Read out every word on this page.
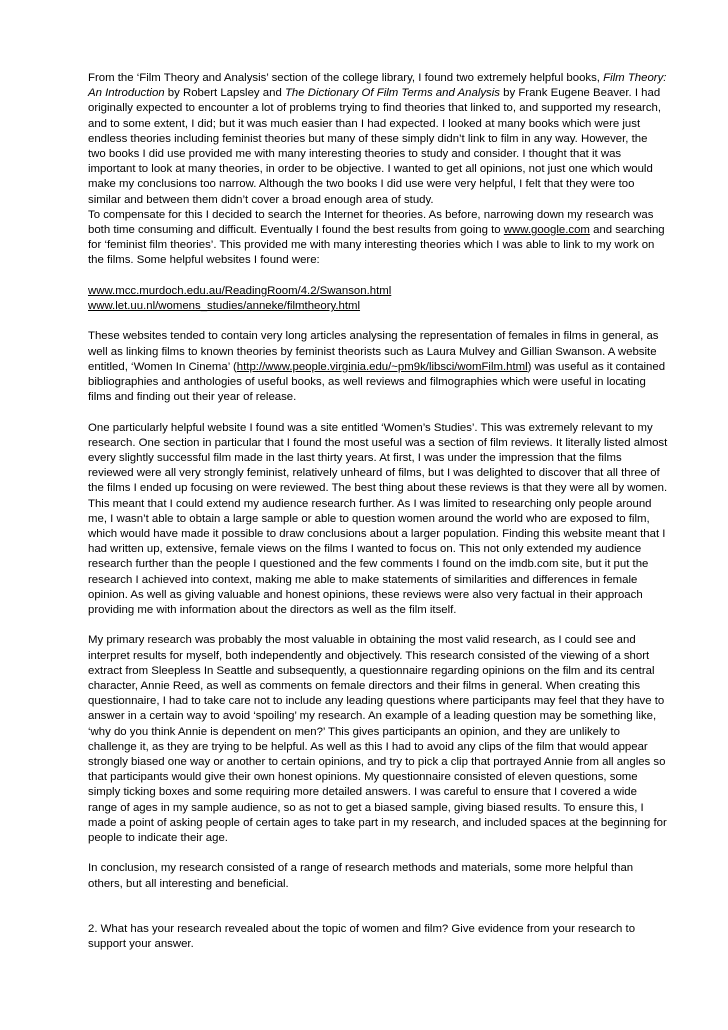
From the ‘Film Theory and Analysis’ section of the college library, I found two extremely helpful books, Film Theory: An Introduction by Robert Lapsley and The Dictionary Of Film Terms and Analysis by Frank Eugene Beaver. I had originally expected to encounter a lot of problems trying to find theories that linked to, and supported my research, and to some extent, I did; but it was much easier than I had expected. I looked at many books which were just endless theories including feminist theories but many of these simply didn’t link to film in any way. However, the two books I did use provided me with many interesting theories to study and consider. I thought that it was important to look at many theories, in order to be objective. I wanted to get all opinions, not just one which would make my conclusions too narrow. Although the two books I did use were very helpful, I felt that they were too similar and between them didn’t cover a broad enough area of study.

To compensate for this I decided to search the Internet for theories. As before, narrowing down my research was both time consuming and difficult. Eventually I found the best results from going to www.google.com and searching for ‘feminist film theories’. This provided me with many interesting theories which I was able to link to my work on the films. Some helpful websites I found were:

www.mcc.murdoch.edu.au/ReadingRoom/4.2/Swanson.html
www.let.uu.nl/womens_studies/anneke/filmtheory.html

These websites tended to contain very long articles analysing the representation of females in films in general, as well as linking films to known theories by feminist theorists such as Laura Mulvey and Gillian Swanson. A website entitled, ‘Women In Cinema’ (http://www.people.virginia.edu/~pm9k/libsci/womFilm.html) was useful as it contained bibliographies and anthologies of useful books, as well reviews and filmographies which were useful in locating films and finding out their year of release.

One particularly helpful website I found was a site entitled ‘Women’s Studies’. This was extremely relevant to my research. One section in particular that I found the most useful was a section of film reviews. It literally listed almost every slightly successful film made in the last thirty years. At first, I was under the impression that the films reviewed were all very strongly feminist, relatively unheard of films, but I was delighted to discover that all three of the films I ended up focusing on were reviewed. The best thing about these reviews is that they were all by women. This meant that I could extend my audience research further. As I was limited to researching only people around me, I wasn’t able to obtain a large sample or able to question women around the world who are exposed to film, which would have made it possible to draw conclusions about a larger population. Finding this website meant that I had written up, extensive, female views on the films I wanted to focus on. This not only extended my audience research further than the people I questioned and the few comments I found on the imdb.com site, but it put the research I achieved into context, making me able to make statements of similarities and differences in female opinion. As well as giving valuable and honest opinions, these reviews were also very factual in their approach providing me with information about the directors as well as the film itself.

My primary research was probably the most valuable in obtaining the most valid research, as I could see and interpret results for myself, both independently and objectively. This research consisted of the viewing of a short extract from Sleepless In Seattle and subsequently, a questionnaire regarding opinions on the film and its central character, Annie Reed, as well as comments on female directors and their films in general. When creating this questionnaire, I had to take care not to include any leading questions where participants may feel that they have to answer in a certain way to avoid ‘spoiling’ my research. An example of a leading question may be something like, ‘why do you think Annie is dependent on men?’ This gives participants an opinion, and they are unlikely to challenge it, as they are trying to be helpful. As well as this I had to avoid any clips of the film that would appear strongly biased one way or another to certain opinions, and try to pick a clip that portrayed Annie from all angles so that participants would give their own honest opinions. My questionnaire consisted of eleven questions, some simply ticking boxes and some requiring more detailed answers. I was careful to ensure that I covered a wide range of ages in my sample audience, so as not to get a biased sample, giving biased results. To ensure this, I made a point of asking people of certain ages to take part in my research, and included spaces at the beginning for people to indicate their age.

In conclusion, my research consisted of a range of research methods and materials, some more helpful than others, but all interesting and beneficial.

2. What has your research revealed about the topic of women and film? Give evidence from your research to support your answer.
